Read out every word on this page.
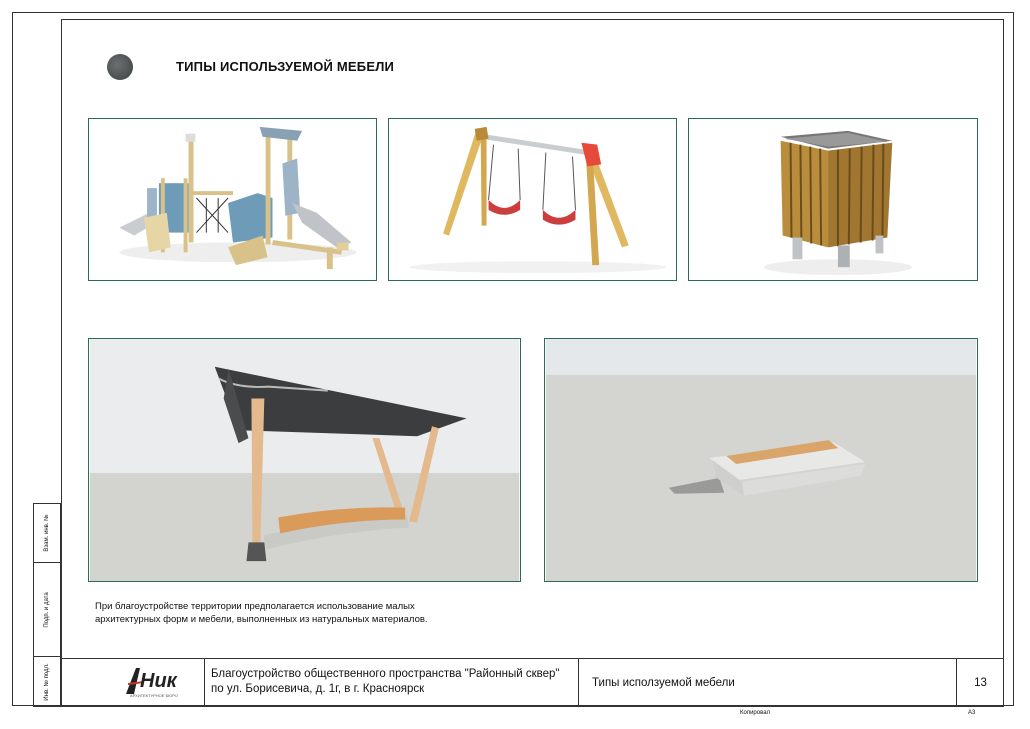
ТИПЫ ИСПОЛЬЗУЕМОЙ МЕБЕЛИ
При благоустройстве территории предполагается использование малых
архитектурных форм и мебели, выполненных из натуральных материалов.
Взам. инв. №
Подп. и дата
Инв. № подл.	Ник
АРХИТЕКТУРНОЕ БЮРО
Благоустройство общественного пространства "Районный сквер"
по ул. Борисевича, д. 1г, в г. Красноярск	Типы исползуемой мебели	13
Копировал	А3
